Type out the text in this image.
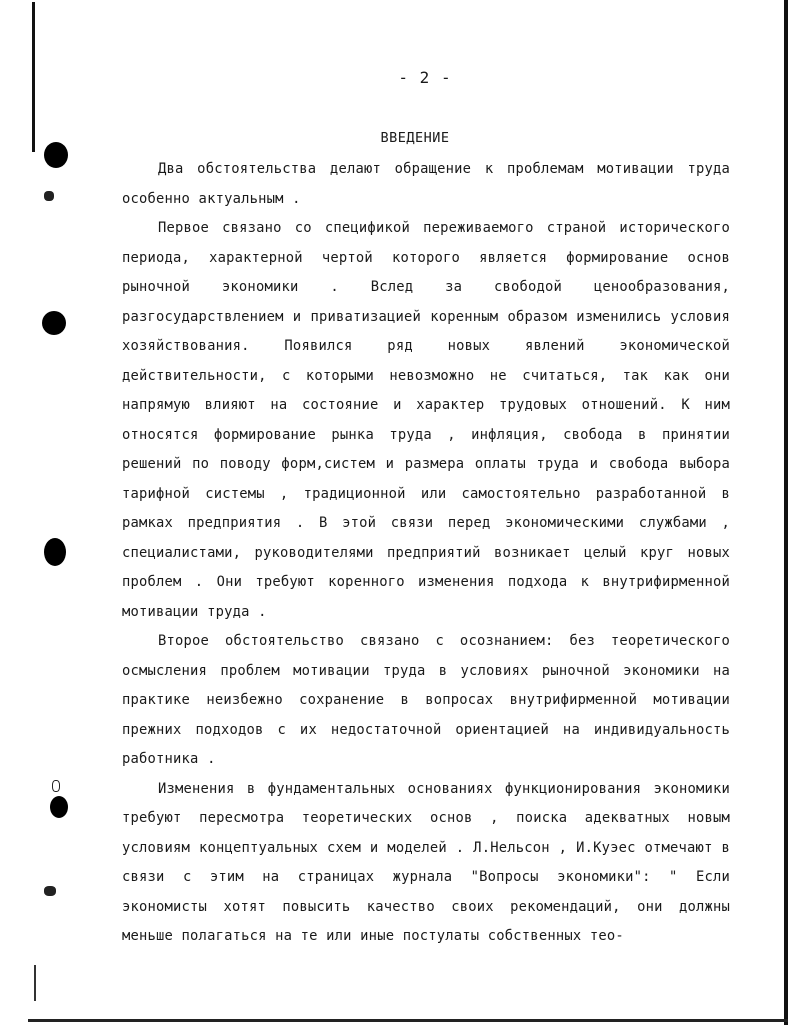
- 2 -
ВВЕДЕНИЕ

Два обстоятельства делают обращение к проблемам мотивации труда особенно актуальным .

Первое связано со спецификой переживаемого страной исторического периода, характерной чертой которого является формирование основ рыночной экономики . Вслед за свободой ценообразования, разгосударствлением и приватизацией коренным образом изменились условия хозяйствования. Появился ряд новых явлений экономической действительности, с которыми невозможно не считаться, так как они напрямую влияют на состояние и характер трудовых отношений. К ним относятся формирование рынка труда , инфляция, свобода в принятии решений по поводу форм,систем и размера оплаты труда и свобода выбора тарифной системы , традиционной или самостоятельно разработанной в рамках предприятия . В этой связи перед экономическими службами , специалистами, руководителями предприятий возникает целый круг новых проблем . Они требуют коренного изменения подхода к внутрифирменной мотивации труда .

Второе обстоятельство связано с осознанием: без теоретического осмысления проблем мотивации труда в условиях рыночной экономики на практике неизбежно сохранение в вопросах внутрифирменной мотивации прежних подходов с их недостаточной ориентацией на индивидуальность работника .

Изменения в фундаментальных основаниях функционирования экономики требуют пересмотра теоретических основ , поиска адекватных новым условиям концептуальных схем и моделей . Л.Нельсон , И.Куэес отмечают в связи с этим на страницах журнала "Вопросы экономики": " Если экономисты хотят повысить качество своих рекомендаций, они должны меньше полагаться на те или иные постулаты собственных тео-
